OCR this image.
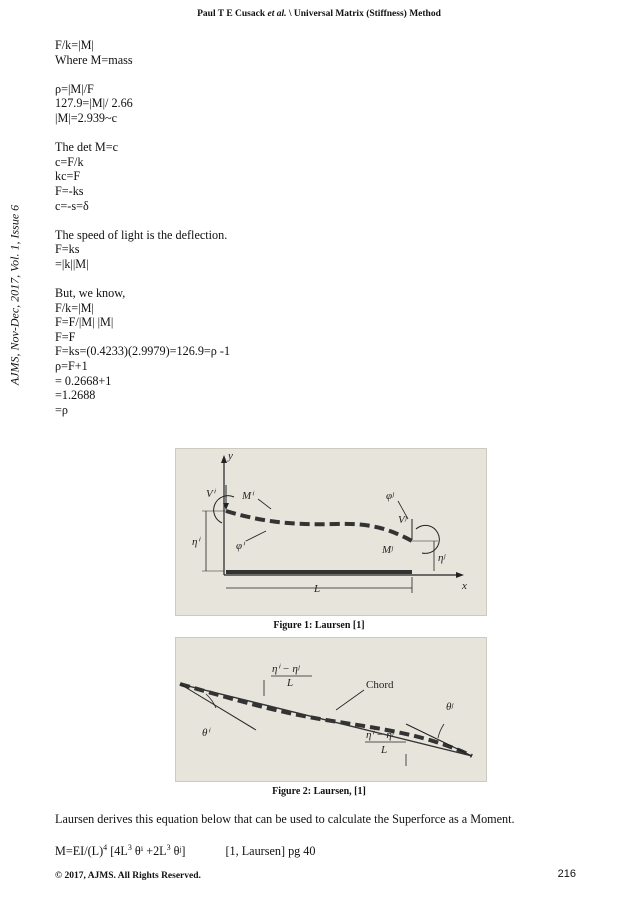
Paul T E Cusack et al. \ Universal Matrix (Stiffness) Method
AJMS, Nov-Dec, 2017, Vol. 1, Issue 6
F/k=|M|
Where M=mass
ρ=|M|/F
127.9=|M|/ 2.66
|M|=2.939~c
The det M=c
c=F/k
kc=F
F=-ks
c=-s=δ
The speed of light is the deflection.
F=ks
=|k||M|
But, we know,
F/k=|M|
F=F/|M| |M|
F=F
F=ks=(0.4233)(2.9979)=126.9=ρ -1
ρ=F+1
= 0.2668+1
=1.2688
=ρ
y
x
Vⁱ Mⁱ	φʲ
Vʲ
φⁱ	Mʲ
ηⁱ
ηʲ
L
Figure 1: Laursen [1]
ηⁱ − ηʲ
L	Chord
θʲ
θⁱ	ηⁱ − ηʲ
L
Figure 2: Laursen, [1]
Laursen derives this equation below that can be used to calculate the Superforce as a Moment.
$M=EI/(L)^4$ [$4L^3$ $\theta^i +2L^3$ θʲ]	[1, Laursen] pg 40
© 2017, AJMS. All Rights Reserved.	216
